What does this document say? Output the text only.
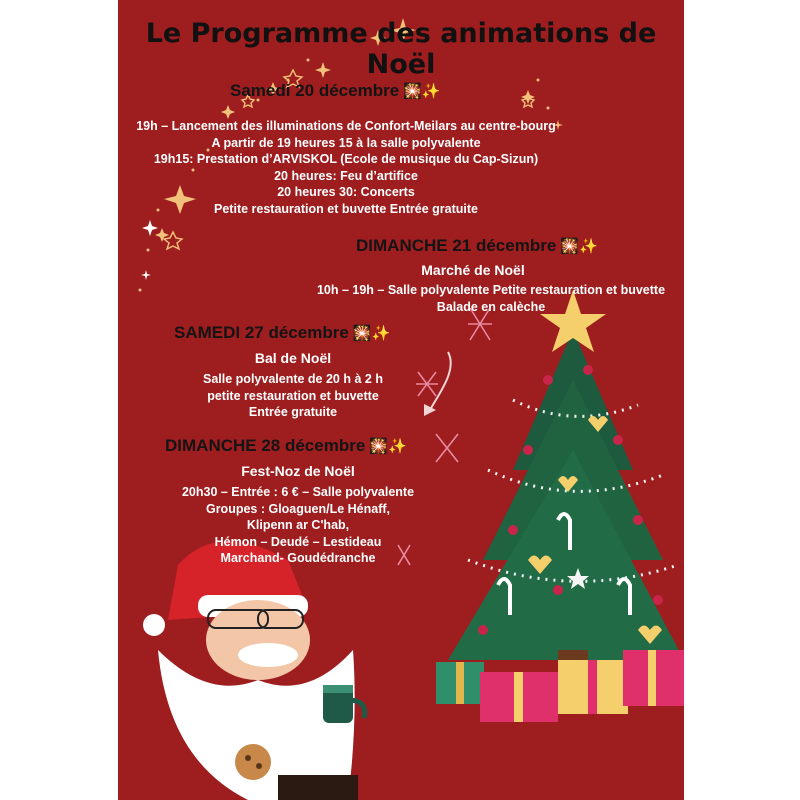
Le Programme des animations de Noël
Samedi 20 décembre 🎇✨
19h – Lancement des illuminations de Confort-Meilars au centre-bourg
A partir de 19 heures 15 à la salle polyvalente
19h15: Prestation d’ARVISKOL (Ecole de musique du Cap-Sizun)
20 heures: Feu d’artifice
20 heures 30: Concerts
Petite restauration et buvette Entrée gratuite
DIMANCHE 21 décembre 🎇✨
Marché de Noël
10h – 19h – Salle polyvalente Petite restauration et buvette
Balade en calèche
SAMEDI 27 décembre 🎇✨
Bal de Noël
Salle polyvalente de 20 h à 2 h
petite restauration et buvette
Entrée gratuite
DIMANCHE 28 décembre 🎇✨
Fest-Noz de Noël
20h30 – Entrée : 6 € – Salle polyvalente
Groupes : Gloaguen/Le Hénaff,
Klipenn ar C'hab,
Hémon – Deudé – Lestideau
Marchand- Goudédranche
